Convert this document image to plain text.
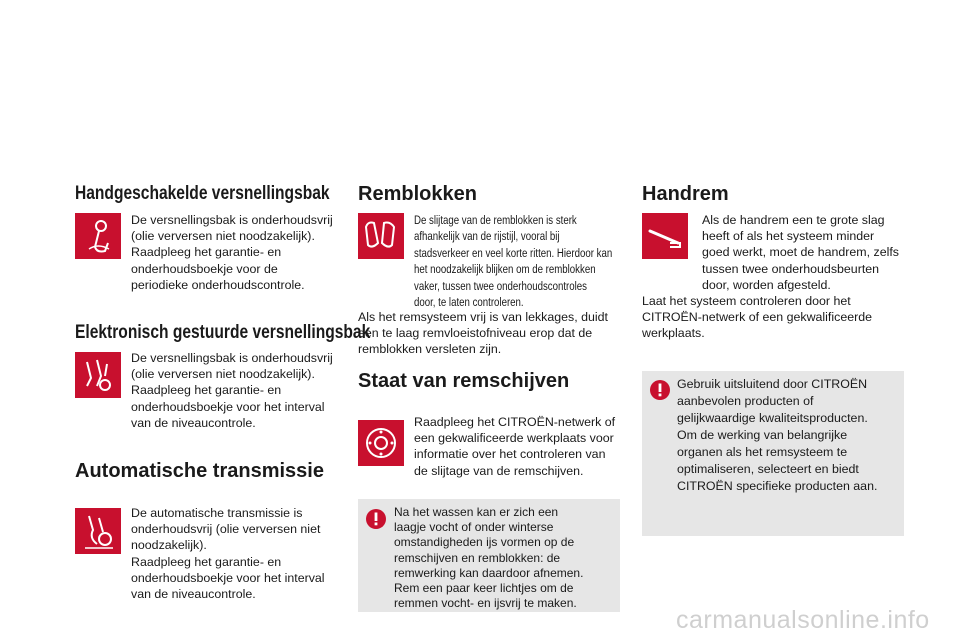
Handgeschakelde versnellingsbak
De versnellingsbak is onderhoudsvrij
(olie verversen niet noodzakelijk).
Raadpleeg het garantie- en
onderhoudsboekje voor de
periodieke onderhoudscontrole.
Elektronisch gestuurde versnellingsbak
De versnellingsbak is onderhoudsvrij
(olie verversen niet noodzakelijk).
Raadpleeg het garantie- en
onderhoudsboekje voor het interval
van de niveaucontrole.
Automatische transmissie
De automatische transmissie is
onderhoudsvrij (olie verversen niet
noodzakelijk).
Raadpleeg het garantie- en
onderhoudsboekje voor het interval
van de niveaucontrole.
Remblokken
De slijtage van de remblokken is sterk
afhankelijk van de rijstijl, vooral bij
stadsverkeer en veel korte ritten. Hierdoor kan
het noodzakelijk blijken om de remblokken
vaker, tussen twee onderhoudscontroles
door, te laten controleren.
Als het remsysteem vrij is van lekkages, duidt
een te laag remvloeistofniveau erop dat de
remblokken versleten zijn.
Staat van remschijven
Raadpleeg het CITROËN-netwerk of
een gekwalificeerde werkplaats voor
informatie over het controleren van
de slijtage van de remschijven.
Na het wassen kan er zich een
laagje vocht of onder winterse
omstandigheden ijs vormen op de
remschijven en remblokken: de
remwerking kan daardoor afnemen.
Rem een paar keer lichtjes om de
remmen vocht- en ijsvrij te maken.
Handrem
Als de handrem een te grote slag
heeft of als het systeem minder
goed werkt, moet de handrem, zelfs
tussen twee onderhoudsbeurten
door, worden afgesteld.
Laat het systeem controleren door het
CITROËN-netwerk of een gekwalificeerde
werkplaats.
Gebruik uitsluitend door CITROËN
aanbevolen producten of
gelijkwaardige kwaliteitsproducten.
Om de werking van belangrijke
organen als het remsysteem te
optimaliseren, selecteert en biedt
CITROËN specifieke producten aan.
carmanualsonline.info
